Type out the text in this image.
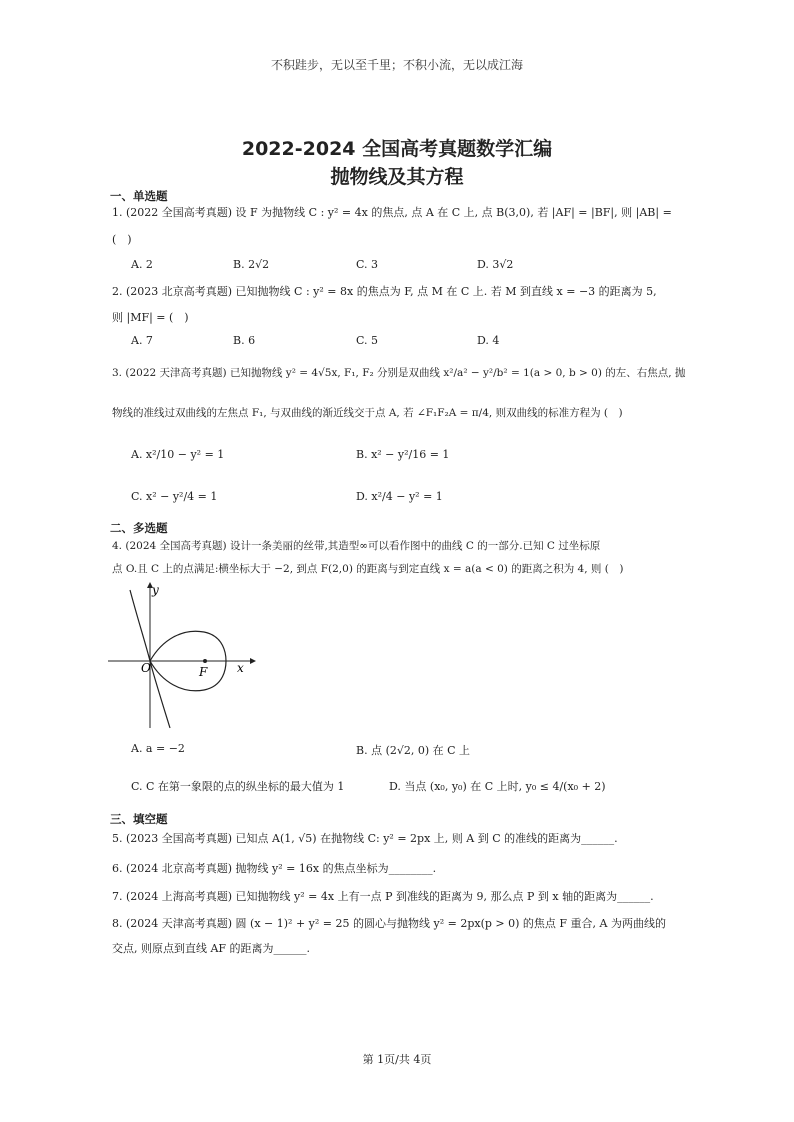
不积跬步，无以至千里；不积小流，无以成江海
2022-2024 全国高考真题数学汇编
抛物线及其方程
一、单选题
1. (2022 全国高考真题) 设 F 为抛物线 C : y² = 4x 的焦点, 点 A 在 C 上, 点 B(3,0), 若 |AF| = |BF|, 则 |AB| =
(　)
A. 2	B. 2√2	C. 3	D. 3√2
2. (2023 北京高考真题) 已知抛物线 C : y² = 8x 的焦点为 F, 点 M 在 C 上. 若 M 到直线 x = −3 的距离为 5,
则 |MF| = (　)
A. 7	B. 6	C. 5	D. 4
3. (2022 天津高考真题) 已知抛物线 y² = 4√5x, F₁, F₂ 分别是双曲线 x²/a² − y²/b² = 1(a > 0, b > 0) 的左、右焦点, 抛
物线的准线过双曲线的左焦点 F₁, 与双曲线的渐近线交于点 A, 若 ∠F₁F₂A = π/4, 则双曲线的标准方程为 (　)
A. x²/10 − y² = 1	B. x² − y²/16 = 1
C. x² − y²/4 = 1	D. x²/4 − y² = 1
二、多选题
4. (2024 全国高考真题) 设计一条美丽的丝带,其造型∞可以看作图中的曲线 C 的一部分.已知 C 过坐标原
点 O.且 C 上的点满足:横坐标大于 −2, 到点 F(2,0) 的距离与到定直线 x = a(a < 0) 的距离之积为 4, 则 (　)
O
y
x
F
A. a = −2	B. 点 (2√2, 0) 在 C 上
C. C 在第一象限的点的纵坐标的最大值为 1	D. 当点 (x₀, y₀) 在 C 上时, y₀ ≤ 4/(x₀ + 2)
三、填空题
5. (2023 全国高考真题) 已知点 A(1, √5) 在抛物线 C: y² = 2px 上, 则 A 到 C 的准线的距离为______.
6. (2024 北京高考真题) 抛物线 y² = 16x 的焦点坐标为________.
7. (2024 上海高考真题) 已知抛物线 y² = 4x 上有一点 P 到准线的距离为 9, 那么点 P 到 x 轴的距离为______.
8. (2024 天津高考真题) 圆 (x − 1)² + y² = 25 的圆心与抛物线 y² = 2px(p > 0) 的焦点 F 重合, A 为两曲线的
交点, 则原点到直线 AF 的距离为______.
第 1页/共 4页
